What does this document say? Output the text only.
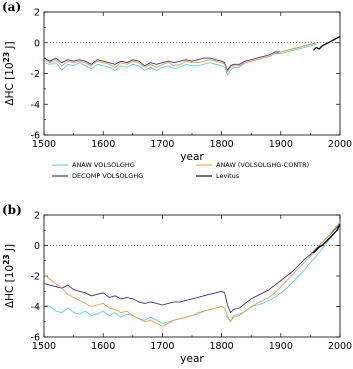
1500	1600	1700	1800	1900	2000
-6
-4
-2
0
2
year
ΔHC [$10^{23}$ J]
(a)
ANAW VOLSOLGHG	ANAW (VOLSOLGHG-CONTR)
DECOMP VOLSOLGHG	Levitus
1500	1600	1700	1800	1900	2000
-6
-4
-2
0
2
year
ΔHC [$10^{23}$ J]
(b)
